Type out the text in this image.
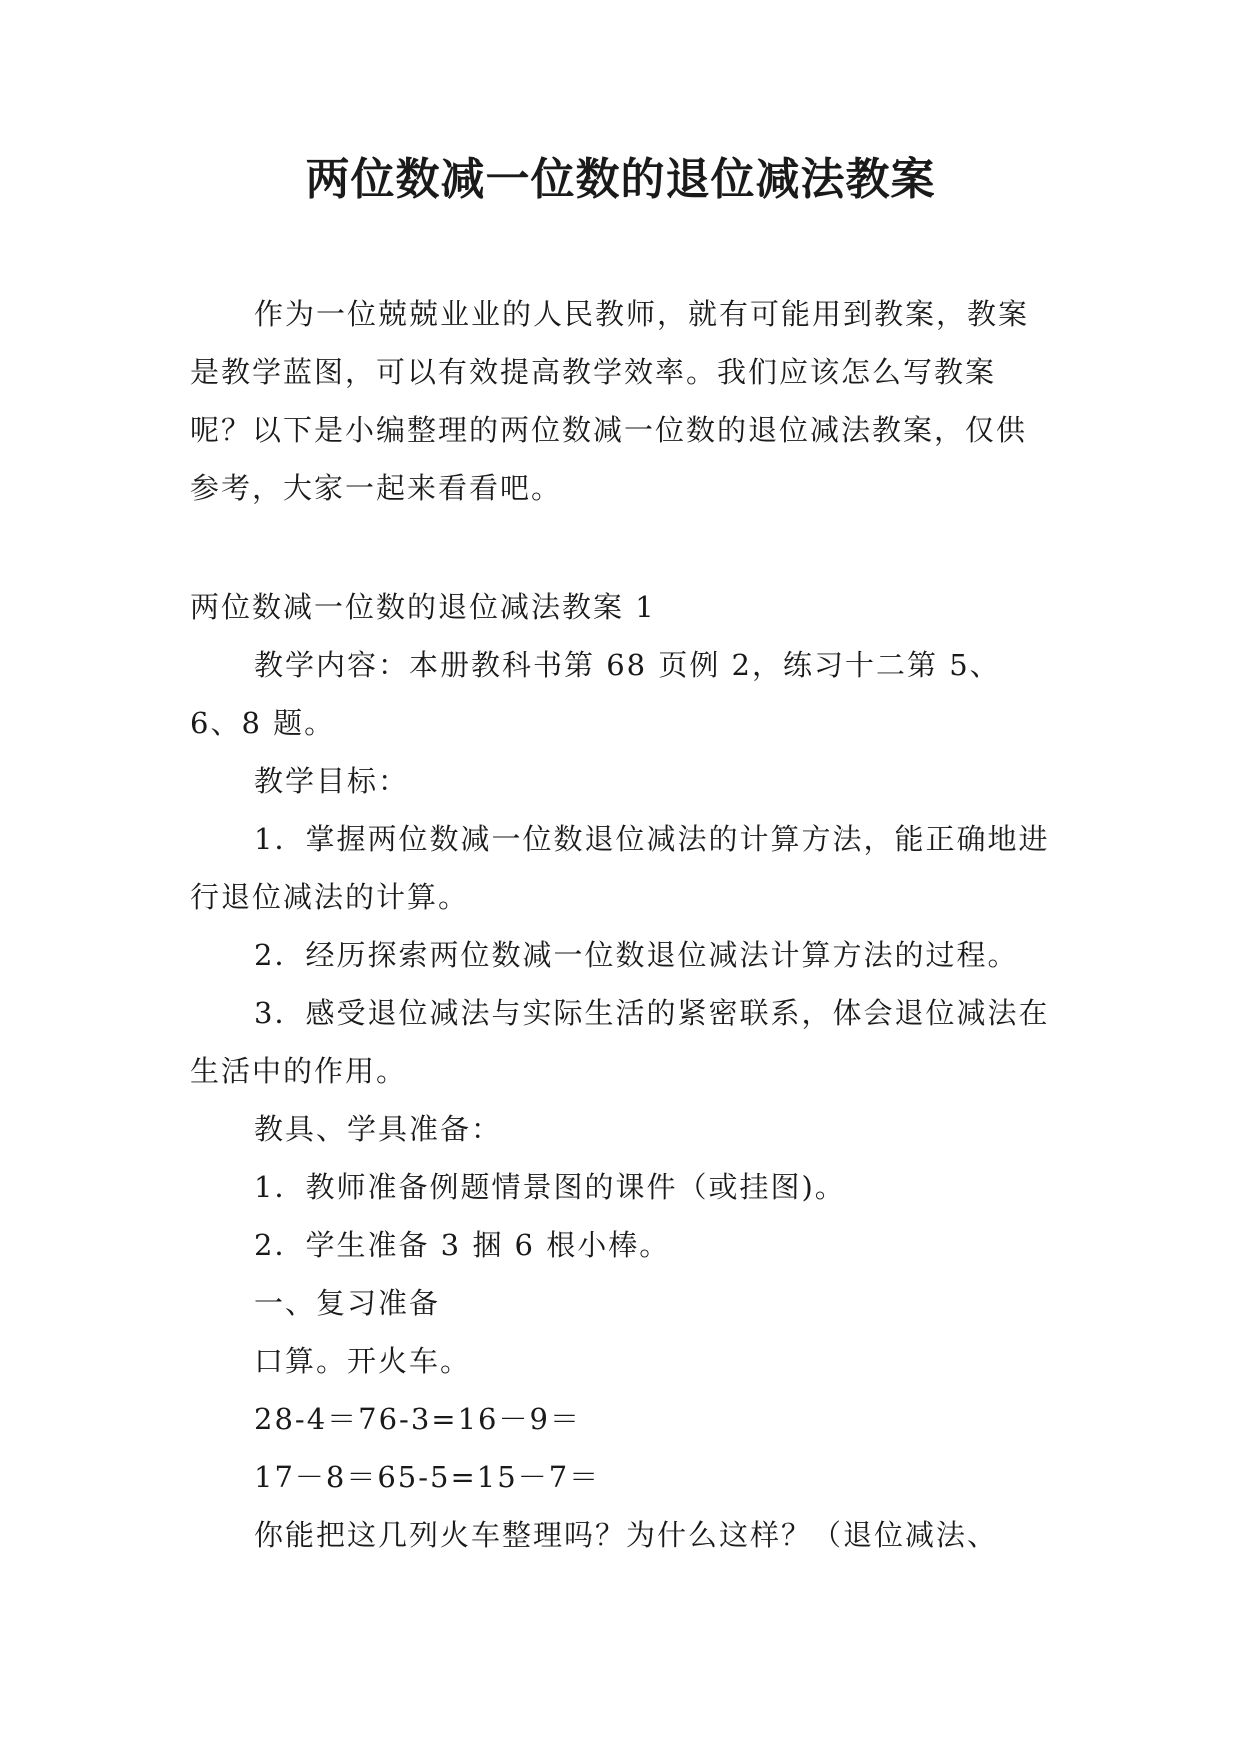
两位数减一位数的退位减法教案

作为一位兢兢业业的人民教师，就有可能用到教案，教案是教学蓝图，可以有效提高教学效率。我们应该怎么写教案呢？以下是小编整理的两位数减一位数的退位减法教案，仅供参考，大家一起来看看吧。

两位数减一位数的退位减法教案 1

教学内容：本册教科书第 68 页例 2，练习十二第 5、6、8 题。

教学目标：

1．掌握两位数减一位数退位减法的计算方法，能正确地进行退位减法的计算。

2．经历探索两位数减一位数退位减法计算方法的过程。

3．感受退位减法与实际生活的紧密联系，体会退位减法在生活中的作用。

教具、学具准备：

1．教师准备例题情景图的课件（或挂图)。

2．学生准备 3 捆 6 根小棒。

一、复习准备

口算。开火车。

28-4＝76-3=16－9＝

17－8＝65-5=15－7＝

你能把这几列火车整理吗？为什么这样？（退位减法、
